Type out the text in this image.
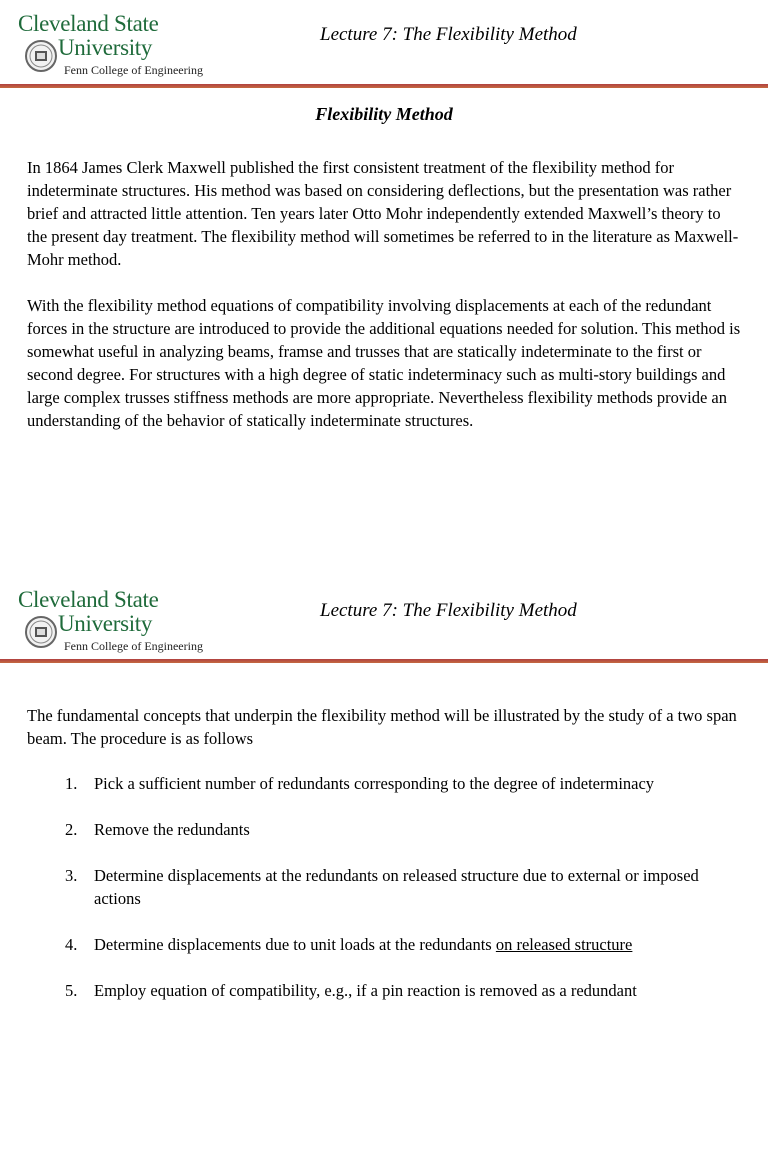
Cleveland State
University
Fenn College of Engineering
Lecture 7: The Flexibility Method
Flexibility Method

In 1864 James Clerk Maxwell published the first consistent treatment of the flexibility method for indeterminate structures. His method was based on considering deflections, but the presentation was rather brief and attracted little attention. Ten years later Otto Mohr independently extended Maxwell’s theory to the present day treatment. The flexibility method will sometimes be referred to in the literature as Maxwell-Mohr method.

With the flexibility method equations of compatibility involving displacements at each of the redundant forces in the structure are introduced to provide the additional equations needed for solution. This method is somewhat useful in analyzing beams, framse and trusses that are statically indeterminate to the first or second degree. For structures with a high degree of static indeterminacy such as multi-story buildings and large complex trusses stiffness methods are more appropriate. Nevertheless flexibility methods provide an understanding of the behavior of statically indeterminate structures.

Cleveland State
University
Fenn College of Engineering
Lecture 7: The Flexibility Method

The fundamental concepts that underpin the flexibility method will be illustrated by the study of a two span beam. The procedure is as follows

1. Pick a sufficient number of redundants corresponding to the degree of indeterminacy
2. Remove the redundants
3. Determine displacements at the redundants on released structure due to external or imposed actions
4. Determine displacements due to unit loads at the redundants on released structure
5. Employ equation of compatibility, e.g., if a pin reaction is removed as a redundant
